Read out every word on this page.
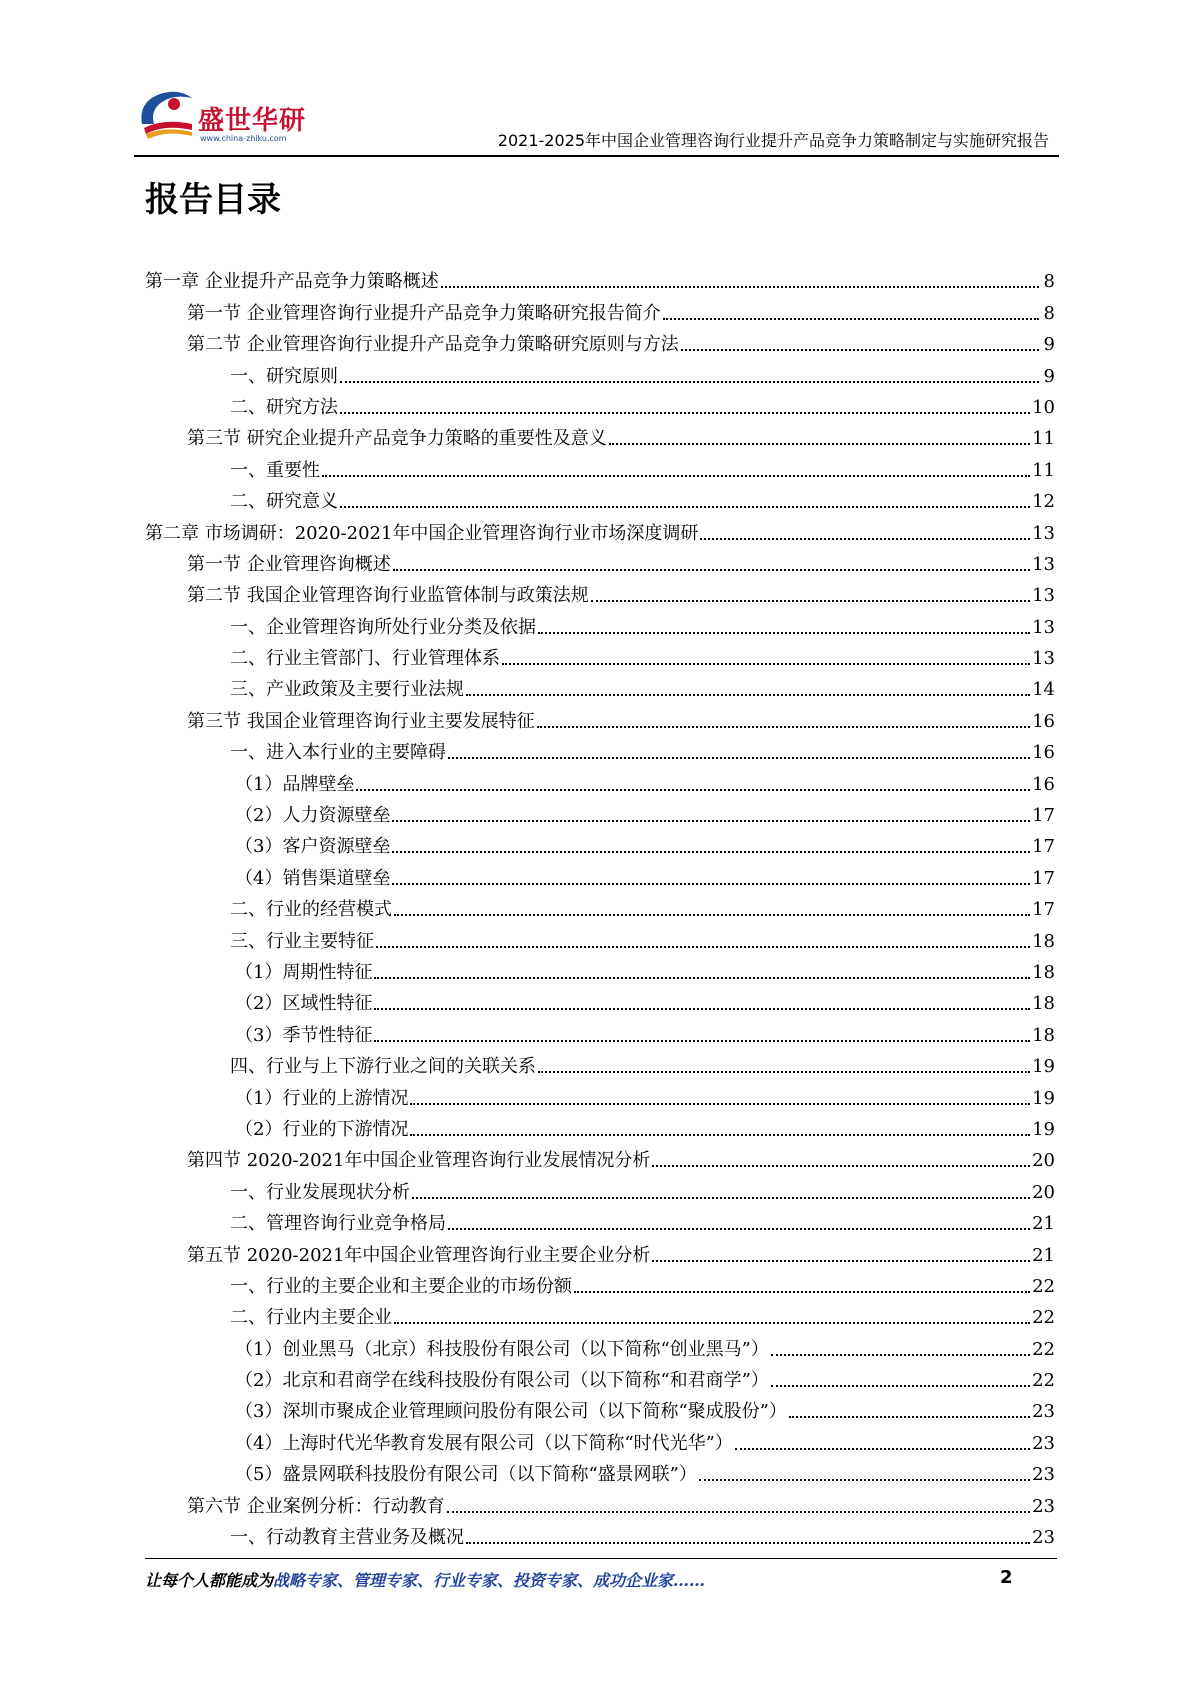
盛世华研
www.china-zhiku.com	2021-2025年中国企业管理咨询行业提升产品竞争力策略制定与实施研究报告
报告目录
第一章 企业提升产品竞争力策略概述	8
第一节 企业管理咨询行业提升产品竞争力策略研究报告简介	8
第二节 企业管理咨询行业提升产品竞争力策略研究原则与方法	9
一、研究原则	9
二、研究方法	10
第三节 研究企业提升产品竞争力策略的重要性及意义	11
一、重要性	11
二、研究意义	12
第二章 市场调研：2020-2021年中国企业管理咨询行业市场深度调研	13
第一节 企业管理咨询概述	13
第二节 我国企业管理咨询行业监管体制与政策法规	13
一、企业管理咨询所处行业分类及依据	13
二、行业主管部门、行业管理体系	13
三、产业政策及主要行业法规	14
第三节 我国企业管理咨询行业主要发展特征	16
一、进入本行业的主要障碍	16
（1）品牌壁垒	16
（2）人力资源壁垒	17
（3）客户资源壁垒	17
（4）销售渠道壁垒	17
二、行业的经营模式	17
三、行业主要特征	18
（1）周期性特征	18
（2）区域性特征	18
（3）季节性特征	18
四、行业与上下游行业之间的关联关系	19
（1）行业的上游情况	19
（2）行业的下游情况	19
第四节 2020-2021年中国企业管理咨询行业发展情况分析	20
一、行业发展现状分析	20
二、管理咨询行业竞争格局	21
第五节 2020-2021年中国企业管理咨询行业主要企业分析	21
一、行业的主要企业和主要企业的市场份额	22
二、行业内主要企业	22
（1）创业黑马（北京）科技股份有限公司（以下简称“创业黑马”）	22
（2）北京和君商学在线科技股份有限公司（以下简称“和君商学”）	22
（3）深圳市聚成企业管理顾问股份有限公司（以下简称“聚成股份”）	23
（4）上海时代光华教育发展有限公司（以下简称“时代光华”）	23
（5）盛景网联科技股份有限公司（以下简称“盛景网联”）	23
第六节 企业案例分析：行动教育	23
一、行动教育主营业务及概况	23
让每个人都能成为战略专家、管理专家、行业专家、投资专家、成功企业家……	2
